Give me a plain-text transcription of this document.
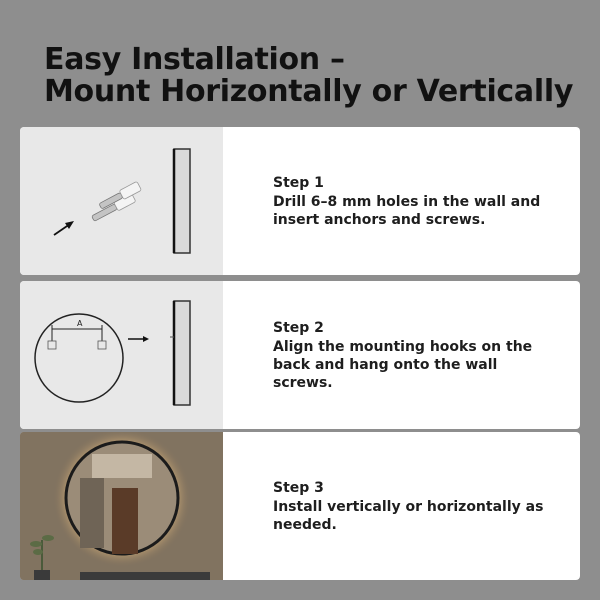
Easy Installation –
Mount Horizontally or Vertically
Step 1
Drill 6–8 mm holes in the wall and insert anchors and screws.
A	Step 2
Align the mounting hooks on the back and hang onto the wall screws.
Step 3
Install vertically or horizontally as needed.
